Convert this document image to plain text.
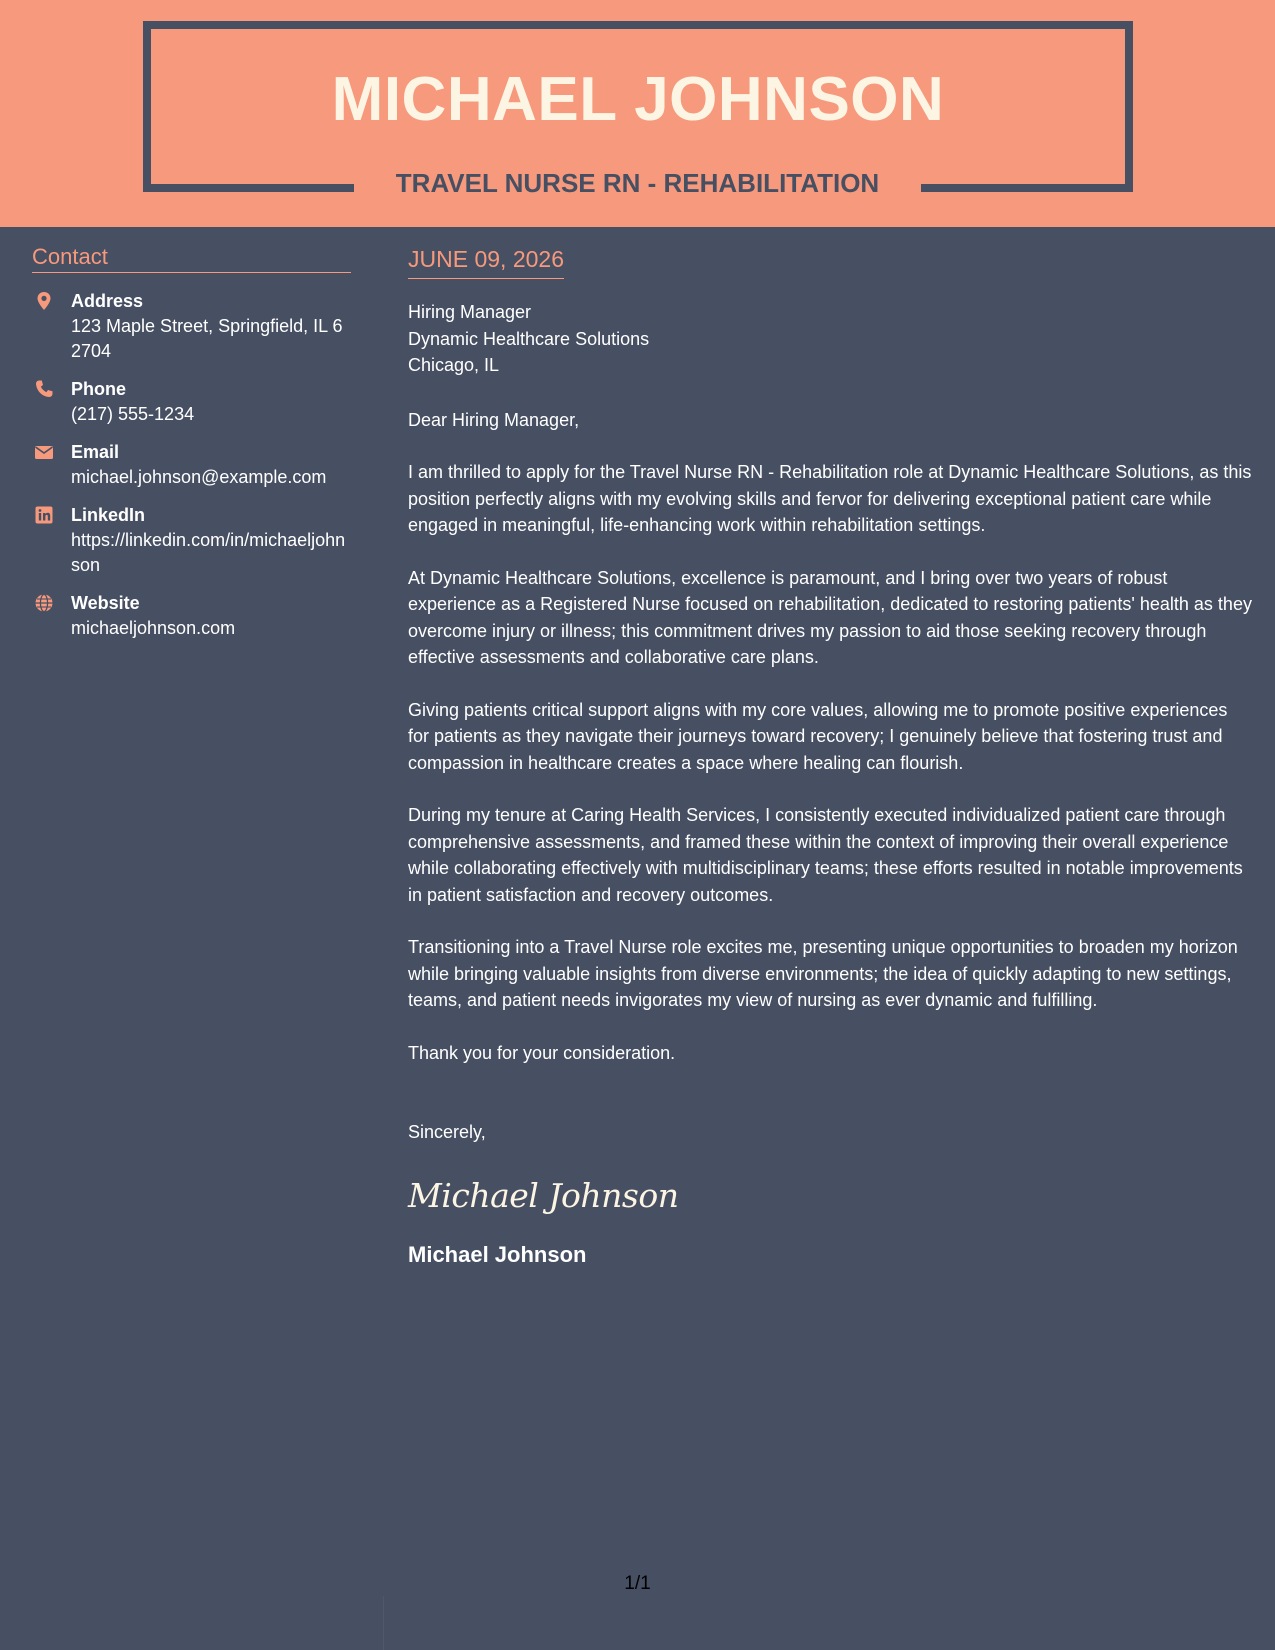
MICHAEL JOHNSON
TRAVEL NURSE RN - REHABILITATION
Contact
Address
123 Maple Street, Springfield, IL 62704
Phone
(217) 555-1234
Email
michael.johnson@example.com
LinkedIn
https://linkedin.com/in/michaeljohnson
Website
michaeljohnson.com
JUNE 09, 2026
Hiring Manager
Dynamic Healthcare Solutions
Chicago, IL
Dear Hiring Manager,
I am thrilled to apply for the Travel Nurse RN - Rehabilitation role at Dynamic Healthcare Solutions, as this position perfectly aligns with my evolving skills and fervor for delivering exceptional patient care while engaged in meaningful, life-enhancing work within rehabilitation settings.
At Dynamic Healthcare Solutions, excellence is paramount, and I bring over two years of robust experience as a Registered Nurse focused on rehabilitation, dedicated to restoring patients' health as they overcome injury or illness; this commitment drives my passion to aid those seeking recovery through effective assessments and collaborative care plans.
Giving patients critical support aligns with my core values, allowing me to promote positive experiences for patients as they navigate their journeys toward recovery; I genuinely believe that fostering trust and compassion in healthcare creates a space where healing can flourish.
During my tenure at Caring Health Services, I consistently executed individualized patient care through comprehensive assessments, and framed these within the context of improving their overall experience while collaborating effectively with multidisciplinary teams; these efforts resulted in notable improvements in patient satisfaction and recovery outcomes.
Transitioning into a Travel Nurse role excites me, presenting unique opportunities to broaden my horizon while bringing valuable insights from diverse environments; the idea of quickly adapting to new settings, teams, and patient needs invigorates my view of nursing as ever dynamic and fulfilling.
Thank you for your consideration.
Sincerely,
Michael Johnson
Michael Johnson
1/1
